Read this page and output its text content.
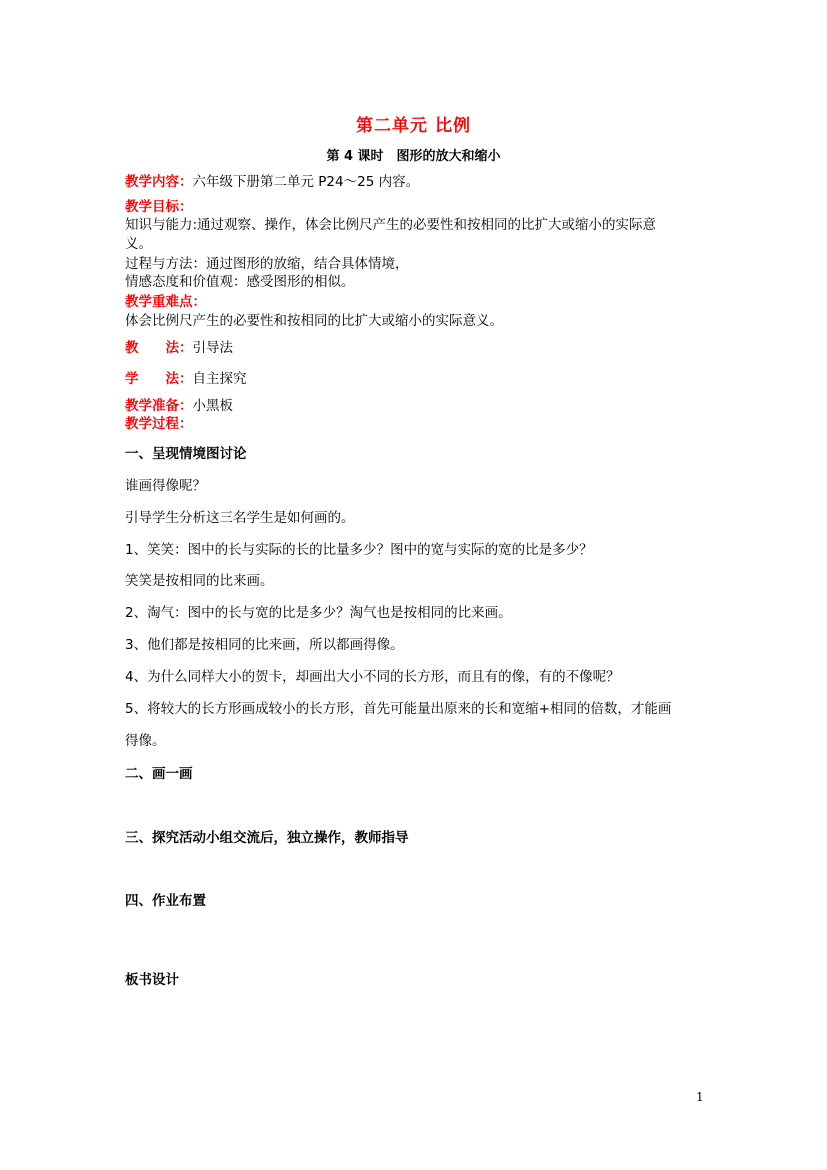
第二单元 比例
第 4 课时　图形的放大和缩小
教学内容：六年级下册第二单元 P24～25 内容。
教学目标：
知识与能力:通过观察、操作，体会比例尺产生的必要性和按相同的比扩大或缩小的实际意
义。
过程与方法：通过图形的放缩，结合具体情境，
情感态度和价值观：感受图形的相似。
教学重难点：
体会比例尺产生的必要性和按相同的比扩大或缩小的实际意义。
教　　法：引导法
学　　法：自主探究
教学准备：小黑板
教学过程：
一、呈现情境图讨论
谁画得像呢？
引导学生分析这三名学生是如何画的。
1、笑笑：图中的长与实际的长的比量多少？图中的宽与实际的宽的比是多少？
笑笑是按相同的比来画。
2、淘气：图中的长与宽的比是多少？淘气也是按相同的比来画。
3、他们都是按相同的比来画，所以都画得像。
4、为什么同样大小的贺卡，却画出大小不同的长方形，而且有的像，有的不像呢？
5、将较大的长方形画成较小的长方形，首先可能量出原来的长和宽缩+相同的倍数，才能画
得像。
二、画一画
三、探究活动小组交流后，独立操作，教师指导
四、作业布置
板书设计
1
